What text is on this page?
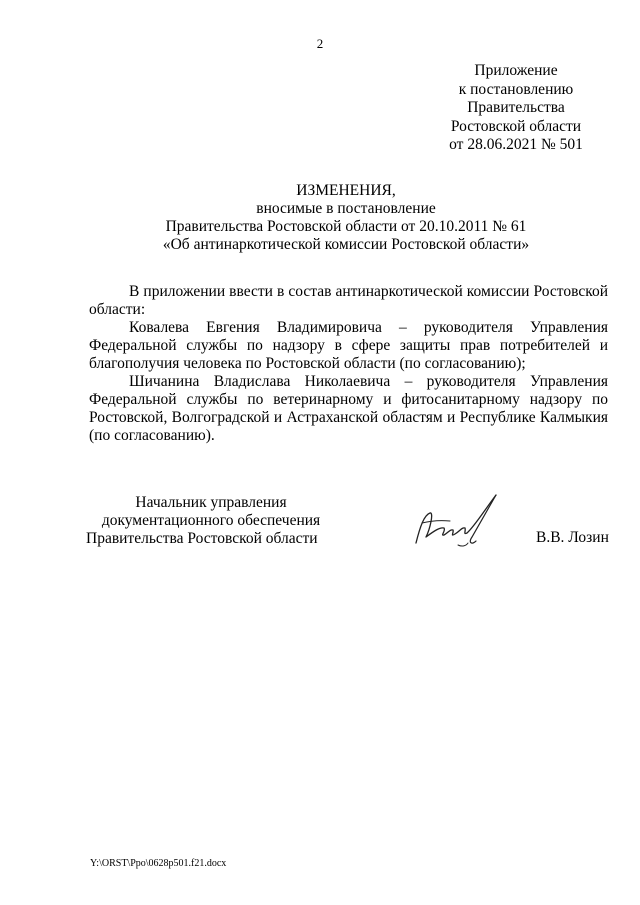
2
Приложение
к постановлению
Правительства
Ростовской области
от 28.06.2021 № 501
ИЗМЕНЕНИЯ,
вносимые в постановление
Правительства Ростовской области от 20.10.2011 № 61
«Об антинаркотической комиссии Ростовской области»

В приложении ввести в состав антинаркотической комиссии Ростовской области:

Ковалева Евгения Владимировича – руководителя Управления Федеральной службы по надзору в сфере защиты прав потребителей и благополучия человека по Ростовской области (по согласованию);

Шичанина Владислава Николаевича – руководителя Управления Федеральной службы по ветеринарному и фитосанитарному надзору по Ростовской, Волгоградской и Астраханской областям и Республике Калмыкия (по согласованию).

Начальник управления
документационного обеспечения
Правительства Ростовской области	В.В. Лозин
Y:\ORST\Ppo\0628p501.f21.docx
